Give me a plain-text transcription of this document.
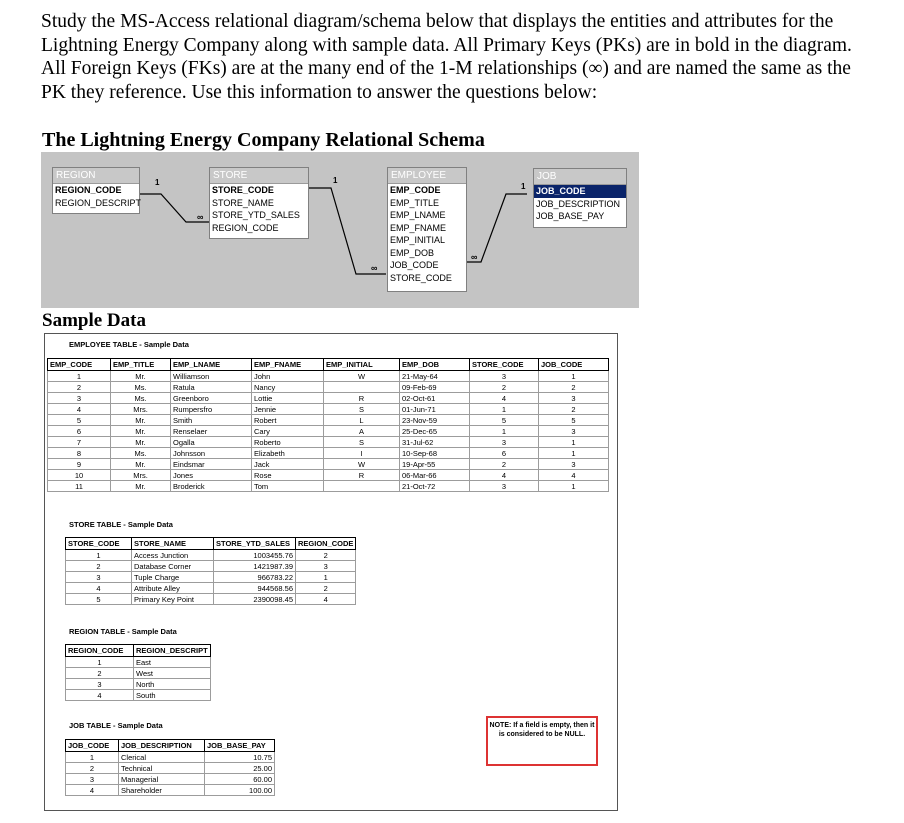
Study the MS-Access relational diagram/schema below that displays the entities and attributes for the Lightning Energy Company along with sample data. All Primary Keys (PKs) are in bold in the diagram. All Foreign Keys (FKs) are at the many end of the 1-M relationships (∞) and are named the same as the PK they reference. Use this information to answer the questions below:
The Lightning Energy Company Relational Schema
REGION
REGION_CODE
REGION_DESCRIPT
STORE
STORE_CODE
STORE_NAME
STORE_YTD_SALES
REGION_CODE
EMPLOYEE
EMP_CODE
EMP_TITLE
EMP_LNAME
EMP_FNAME
EMP_INITIAL
EMP_DOB
JOB_CODE
STORE_CODE
JOB
JOB_CODE
JOB_DESCRIPTION
JOB_BASE_PAY
1
∞
1
∞
1
∞
Sample Data
EMPLOYEE TABLE - Sample Data
EMP_CODE	EMP_TITLE	EMP_LNAME	EMP_FNAME	EMP_INITIAL	EMP_DOB	STORE_CODE	JOB_CODE
1	Mr.	Williamson	John	W	21-May-64	3	1
2	Ms.	Ratula	Nancy		09-Feb-69	2	2
3	Ms.	Greenboro	Lottie	R	02-Oct-61	4	3
4	Mrs.	Rumpersfro	Jennie	S	01-Jun-71	1	2
5	Mr.	Smith	Robert	L	23-Nov-59	5	5
6	Mr.	Renselaer	Cary	A	25-Dec-65	1	3
7	Mr.	Ogalla	Roberto	S	31-Jul-62	3	1
8	Ms.	Johnsson	Elizabeth	I	10-Sep-68	6	1
9	Mr.	Eindsmar	Jack	W	19-Apr-55	2	3
10	Mrs.	Jones	Rose	R	06-Mar-66	4	4
11	Mr.	Broderick	Tom		21-Oct-72	3	1
STORE TABLE - Sample Data
STORE_CODE	STORE_NAME	STORE_YTD_SALES	REGION_CODE
1	Access Junction	1003455.76	2
2	Database Corner	1421987.39	3
3	Tuple Charge	966783.22	1
4	Attribute Alley	944568.56	2
5	Primary Key Point	2390098.45	4
REGION TABLE - Sample Data
REGION_CODE	REGION_DESCRIPT
1	East
2	West
3	North
4	South
JOB TABLE - Sample Data
JOB_CODE	JOB_DESCRIPTION	JOB_BASE_PAY
1	Clerical	10.75
2	Technical	25.00
3	Managerial	60.00
4	Shareholder	100.00
NOTE: If a field is empty, then it is considered to be NULL.
